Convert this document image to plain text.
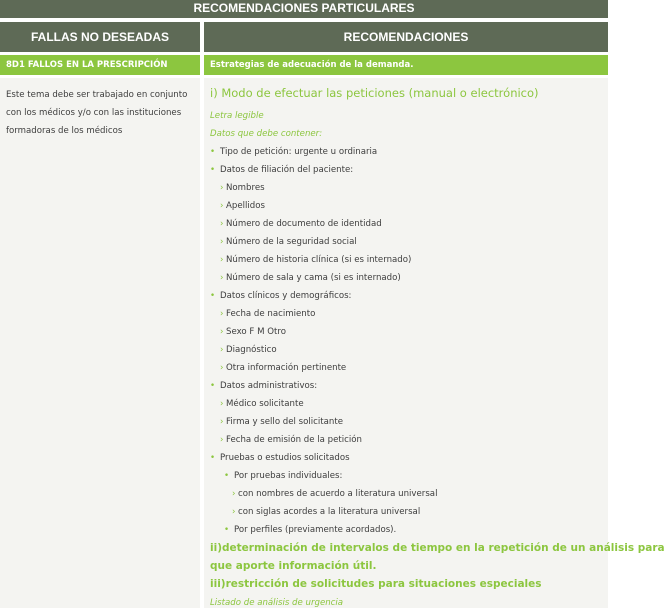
RECOMENDACIONES PARTICULARES
FALLAS NO DESEADAS	RECOMENDACIONES
8D1 FALLOS EN LA PRESCRIPCIÓN	Estrategias de adecuación de la demanda.
Este tema debe ser trabajado en conjunto
con los médicos y/o con las instituciones
formadoras de los médicos
i) Modo de efectuar las peticiones (manual o electrónico)
Letra legible
Datos que debe contener:
• Tipo de petición: urgente u ordinaria
• Datos de filiación del paciente:
› Nombres
› Apellidos
› Número de documento de identidad
› Número de la seguridad social
› Número de historia clínica (si es internado)
› Número de sala y cama (si es internado)
• Datos clínicos y demográficos:
› Fecha de nacimiento
› Sexo F M Otro
› Diagnóstico
› Otra información pertinente
• Datos administrativos:
› Médico solicitante
› Firma y sello del solicitante
› Fecha de emisión de la petición
• Pruebas o estudios solicitados
• Por pruebas individuales:
› con nombres de acuerdo a literatura universal
› con siglas acordes a la literatura universal
• Por perfiles (previamente acordados).
ii)determinación de intervalos de tiempo en la repetición de un análisis para
que aporte información útil.
iii)restricción de solicitudes para situaciones especiales
Listado de análisis de urgencia
